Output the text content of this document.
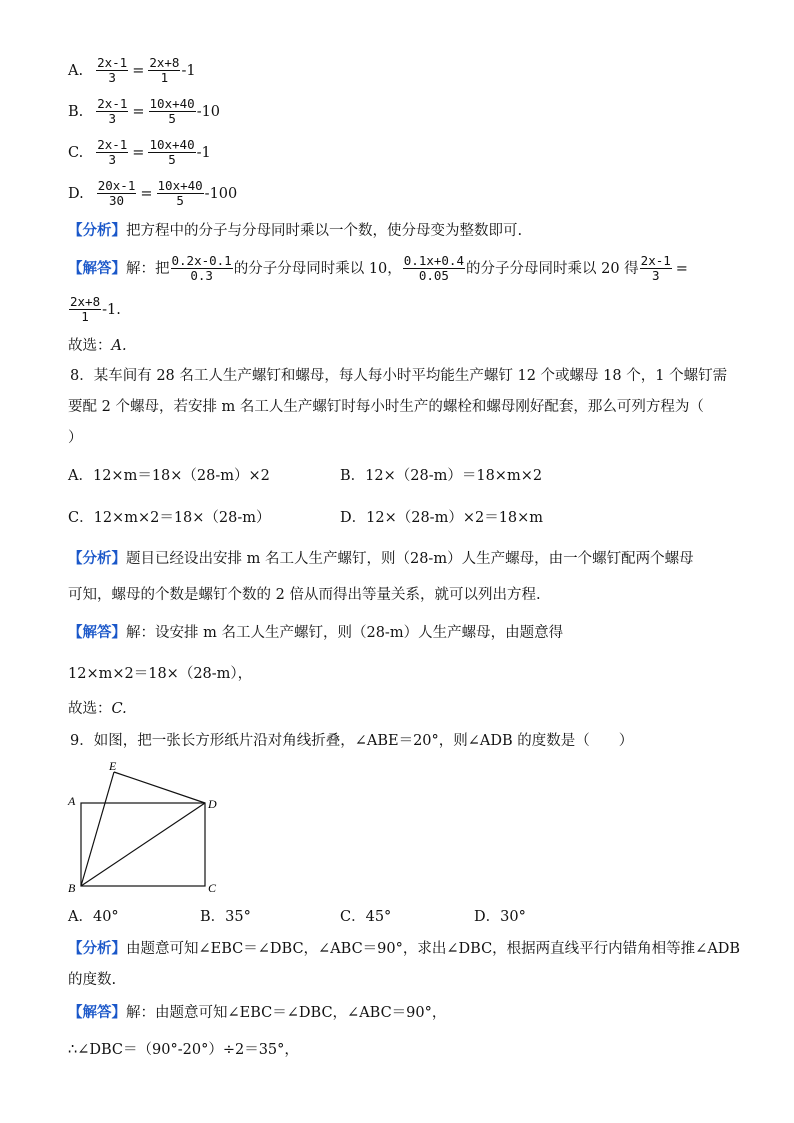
A. $\frac{2x-1}{3} = \frac{2x+8}{1} -1$
B. $\frac{2x-1}{3} = \frac{10x+40}{5} -10$
C. $\frac{2x-1}{3} = \frac{10x+40}{5} -1$
D. $\frac{20x-1}{30} = \frac{10x+40}{5} -100$
【分析】把方程中的分子与分母同时乘以一个数，使分母变为整数即可.
【解答】 解：把 $\frac{0.2x-0.1}{0.3}$ 的分子分母同时乘以 10， $\frac{0.1x+0.4}{0.05}$ 的分子分母同时乘以 20 得 $\frac{2x-1}{3}$ =
$\frac{2x+8}{1} -1$.
故选：A.
8．某车间有 28 名工人生产螺钉和螺母，每人每小时平均能生产螺钉 12 个或螺母 18 个，1 个螺钉需
要配 2 个螺母，若安排 m 名工人生产螺钉时每小时生产的螺栓和螺母刚好配套，那么可列方程为（
）
A．12×m＝18×（28-m）×2	B．12×（28-m）＝18×m×2
C．12×m×2＝18×（28-m）	D．12×（28-m）×2＝18×m
【分析】题目已经设出安排 m 名工人生产螺钉，则（28-m）人生产螺母，由一个螺钉配两个螺母
可知，螺母的个数是螺钉个数的 2 倍从而得出等量关系，就可以列出方程.
【解答】解：设安排 m 名工人生产螺钉，则（28-m）人生产螺母，由题意得
12×m×2＝18×（28-m），
故选：C.
9．如图，把一张长方形纸片沿对角线折叠，∠ABE＝20°，则∠ADB 的度数是（　　）
E
A	D
B	C
A．40°	B．35°	C．45°	D．30°
【分析】由题意可知∠EBC＝∠DBC，∠ABC＝90°，求出∠DBC，根据两直线平行内错角相等推∠ADB
的度数.
【解答】解：由题意可知∠EBC＝∠DBC，∠ABC＝90°，
∴∠DBC＝（90°-20°）÷2＝35°，
